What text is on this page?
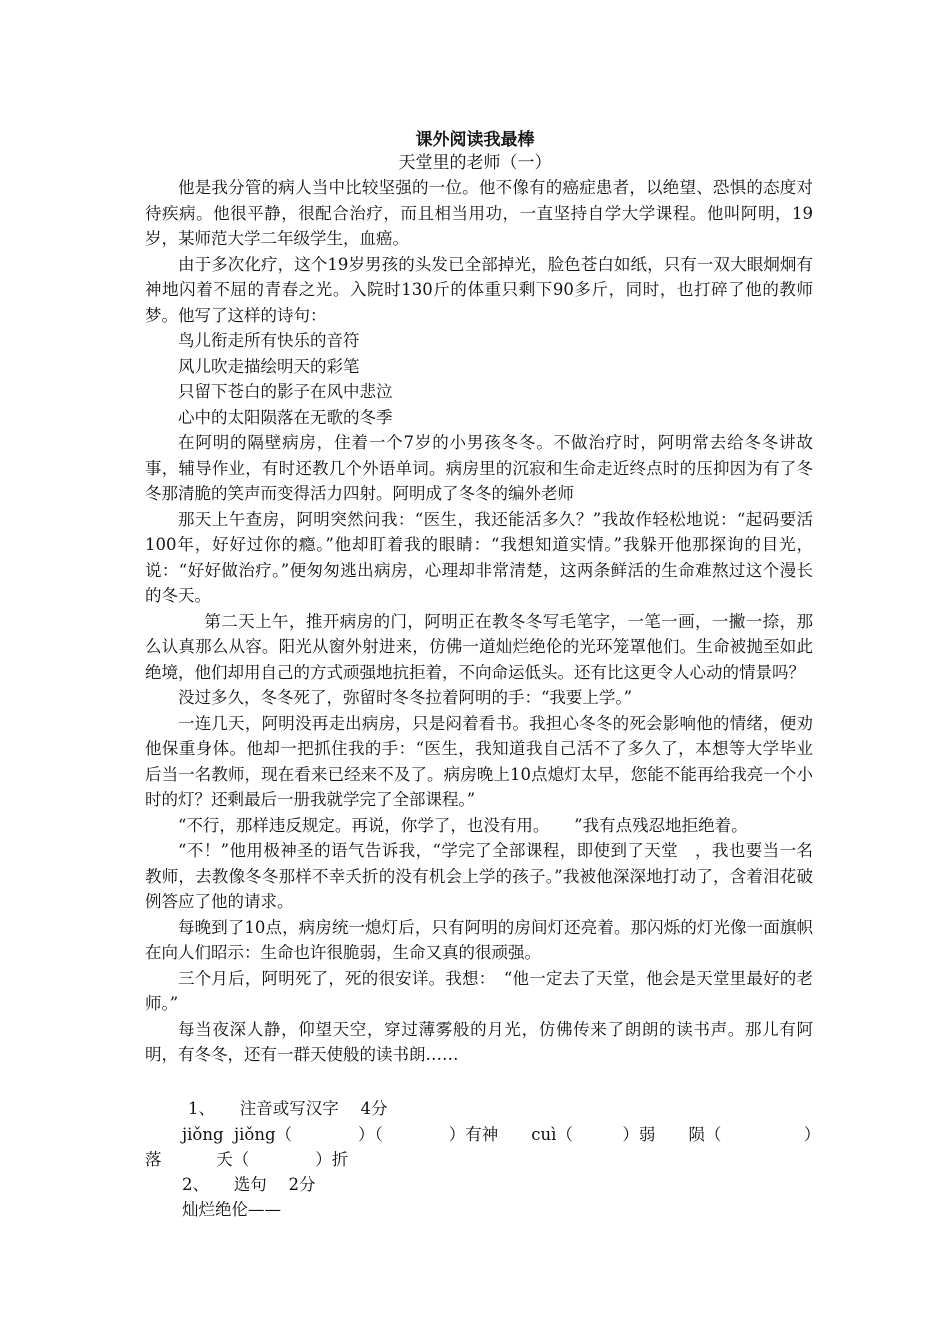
课外阅读我最棒
天堂里的老师（一）

他是我分管的病人当中比较坚强的一位。他不像有的癌症患者，以绝望、恐惧的态度对待疾病。他很平静，很配合治疗，而且相当用功，一直坚持自学大学课程。他叫阿明，19岁，某师范大学二年级学生，血癌。

由于多次化疗，这个19岁男孩的头发已全部掉光，脸色苍白如纸，只有一双大眼炯炯有神地闪着不屈的青春之光。入院时130斤的体重只剩下90多斤，同时，也打碎了他的教师梦。他写了这样的诗句：

鸟儿衔走所有快乐的音符

风儿吹走描绘明天的彩笔

只留下苍白的影子在风中悲泣

心中的太阳陨落在无歌的冬季

在阿明的隔壁病房，住着一个7岁的小男孩冬冬。不做治疗时，阿明常去给冬冬讲故事，辅导作业，有时还教几个外语单词。病房里的沉寂和生命走近终点时的压抑因为有了冬冬那清脆的笑声而变得活力四射。阿明成了冬冬的编外老师

那天上午查房，阿明突然问我：“医生，我还能活多久？”我故作轻松地说：“起码要活100年，好好过你的瘾。”他却盯着我的眼睛：“我想知道实情。”我躲开他那探询的目光，说：“好好做治疗。”便匆匆逃出病房，心理却非常清楚，这两条鲜活的生命难熬过这个漫长的冬天。

第二天上午，推开病房的门，阿明正在教冬冬写毛笔字，一笔一画，一撇一捺，那么认真那么从容。阳光从窗外射进来，仿佛一道灿烂绝伦的光环笼罩他们。生命被抛至如此绝境，他们却用自己的方式顽强地抗拒着，不向命运低头。还有比这更令人心动的情景吗？

没过多久，冬冬死了，弥留时冬冬拉着阿明的手：“我要上学。”

一连几天，阿明没再走出病房，只是闷着看书。我担心冬冬的死会影响他的情绪，便劝他保重身体。他却一把抓住我的手：“医生，我知道我自己活不了多久了，本想等大学毕业后当一名教师，现在看来已经来不及了。病房晚上10点熄灯太早，您能不能再给我亮一个小时的灯？还剩最后一册我就学完了全部课程。”

“不行，那样违反规定。再说，你学了，也没有用。　　”我有点残忍地拒绝着。

“不！”他用极神圣的语气告诉我，“学完了全部课程，即使到了天堂　，我也要当一名教师，去教像冬冬那样不幸夭折的没有机会上学的孩子。”我被他深深地打动了，含着泪花破例答应了他的请求。

每晚到了10点，病房统一熄灯后，只有阿明的房间灯还亮着。那闪烁的灯光像一面旗帜在向人们昭示：生命也许很脆弱，生命又真的很顽强。

三个月后，阿明死了，死的很安详。我想：　“他一定去了天堂，他会是天堂里最好的老师。”

每当夜深人静，仰望天空，穿过薄雾般的月光，仿佛传来了朗朗的读书声。那儿有阿明，有冬冬，还有一群天使般的读书朗……

1、　　注音或写汉字　 4分
jiǒng  jiǒng（　　　　）（　　　　）有神　　cuì（　　　）弱　　陨（　　　　　）
落　　　 夭（　　　　）折
2、　　选句　 2分
灿烂绝伦——
